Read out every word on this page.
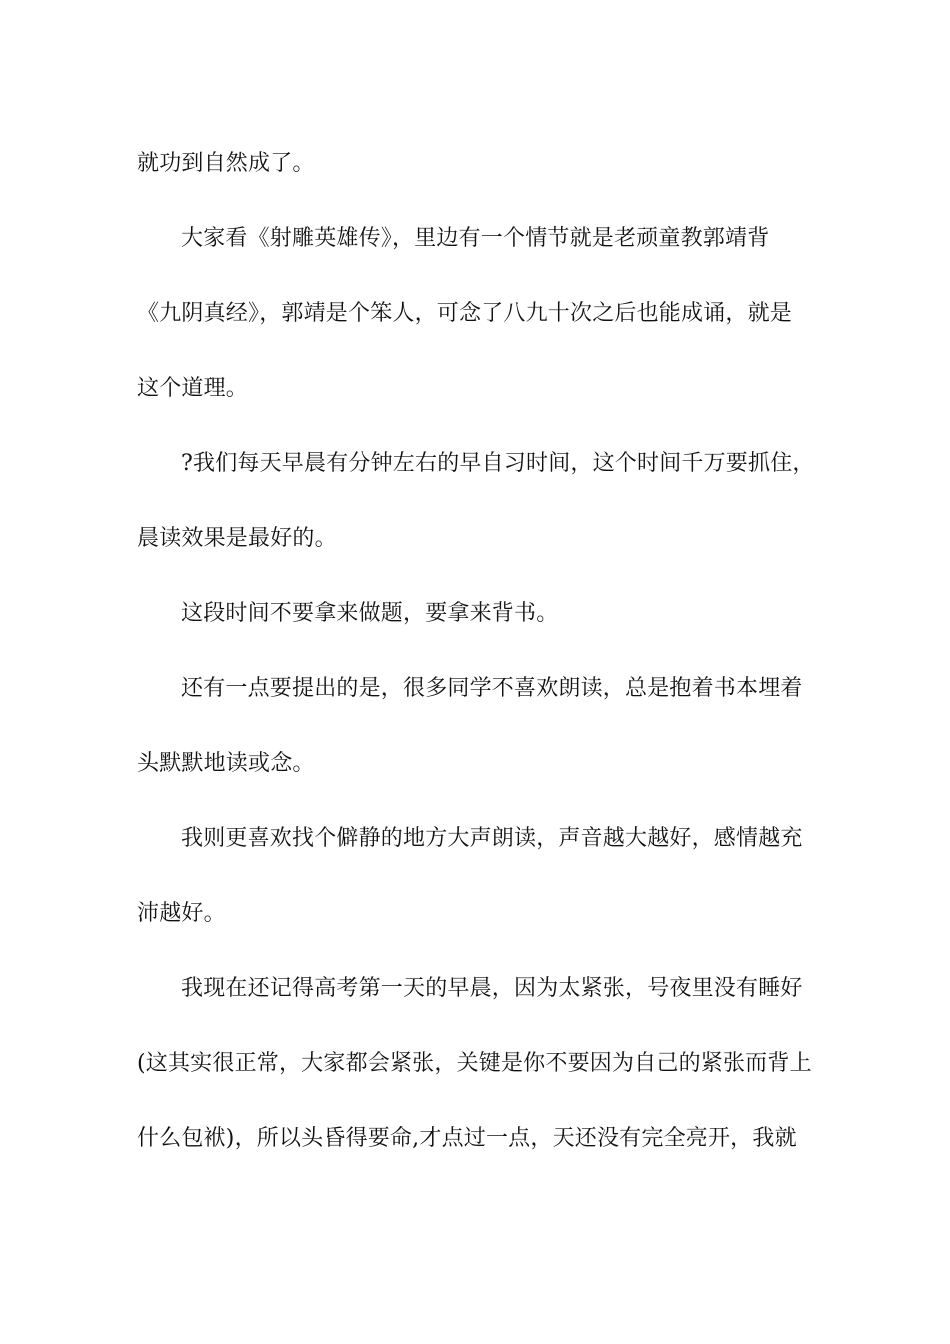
就功到自然成了。
大家看《射雕英雄传》，里边有一个情节就是老顽童教郭靖背
《九阴真经》，郭靖是个笨人，可念了八九十次之后也能成诵，就是
这个道理。
?我们每天早晨有分钟左右的早自习时间，这个时间千万要抓住，
晨读效果是最好的。
这段时间不要拿来做题，要拿来背书。
还有一点要提出的是，很多同学不喜欢朗读，总是抱着书本埋着
头默默地读或念。
我则更喜欢找个僻静的地方大声朗读，声音越大越好，感情越充
沛越好。
我现在还记得高考第一天的早晨，因为太紧张，号夜里没有睡好
(这其实很正常，大家都会紧张，关键是你不要因为自己的紧张而背上
什么包袱)，所以头昏得要命,才点过一点，天还没有完全亮开，我就
